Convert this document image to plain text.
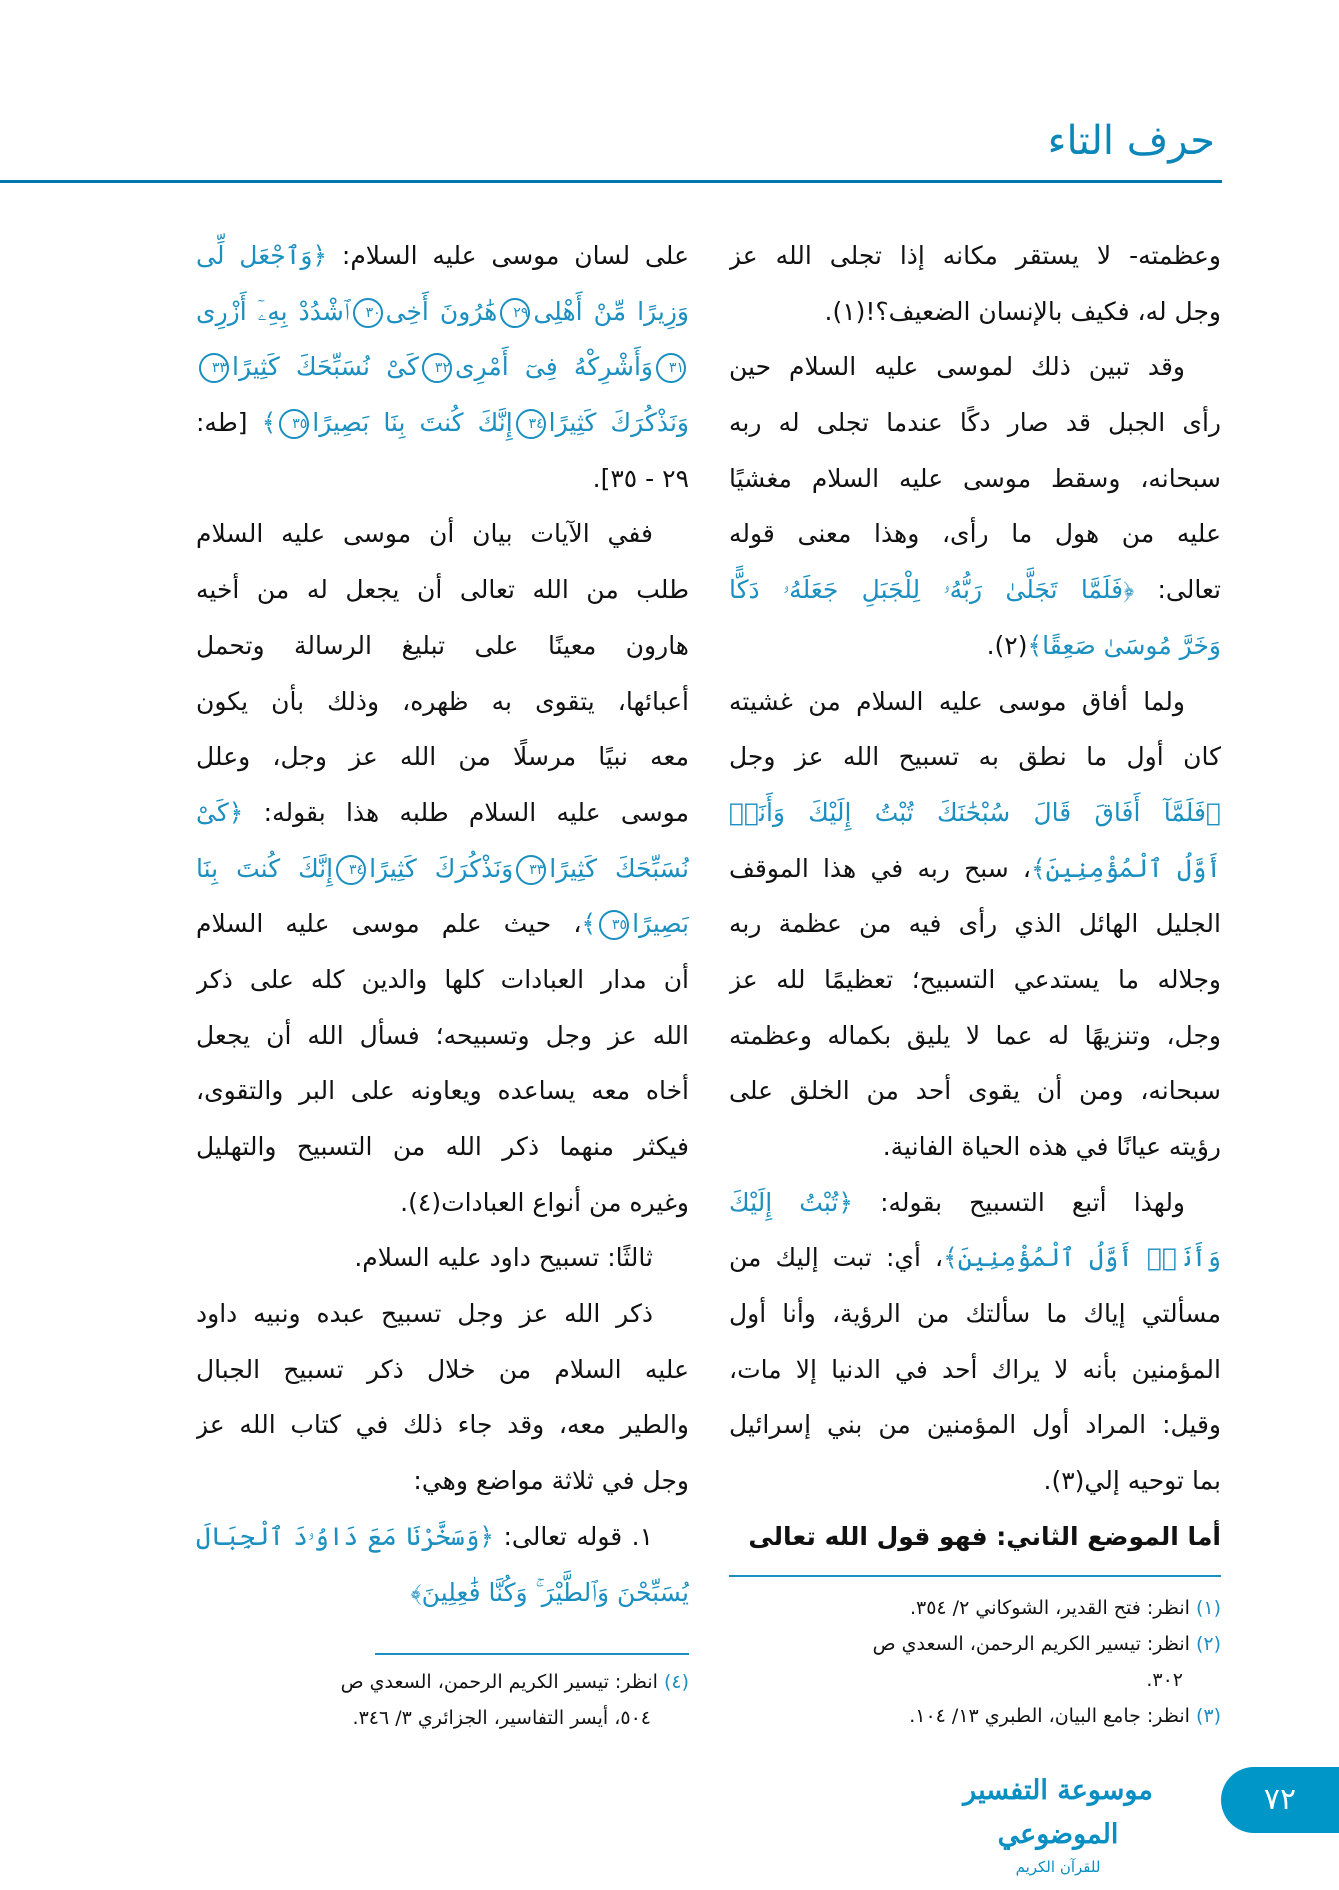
حرف التاء
وعظمته- لا يستقر مكانه إذا تجلى الله عز
وجل له، فكيف بالإنسان الضعيف؟!(١).
وقد تبين ذلك لموسى عليه السلام حين
رأى الجبل قد صار دكًا عندما تجلى له ربه
سبحانه، وسقط موسى عليه السلام مغشيًا
عليه من هول ما رأى، وهذا معنى قوله
تعالى: ﴿فَلَمَّا تَجَلَّىٰ رَبُّهُۥ لِلْجَبَلِ جَعَلَهُۥ دَكًّا
وَخَرَّ مُوسَىٰ صَعِقًا﴾(٢).
ولما أفاق موسى عليه السلام من غشيته
كان أول ما نطق به تسبيح الله عز وجل
﴿فَلَمَّآ أَفَاقَ قَالَ سُبْحَٰنَكَ تُبْتُ إِلَيْكَ وَأَنَا۠
أَوَّلُ ٱلْمُؤْمِنِينَ﴾، سبح ربه في هذا الموقف
الجليل الهائل الذي رأى فيه من عظمة ربه
وجلاله ما يستدعي التسبيح؛ تعظيمًا لله عز
وجل، وتنزيهًا له عما لا يليق بكماله وعظمته
سبحانه، ومن أن يقوى أحد من الخلق على
رؤيته عيانًا في هذه الحياة الفانية.
ولهذا أتبع التسبيح بقوله: ﴿تُبْتُ إِلَيْكَ
وَأَنَا۠ أَوَّلُ ٱلْمُؤْمِنِينَ﴾، أي: تبت إليك من
مسألتي إياك ما سألتك من الرؤية، وأنا أول
المؤمنين بأنه لا يراك أحد في الدنيا إلا مات،
وقيل: المراد أول المؤمنين من بني إسرائيل
بما توحيه إلي(٣).
أما الموضع الثاني: فهو قول الله تعالى
على لسان موسى عليه السلام: ﴿وَٱجْعَل لِّى
وَزِيرًا مِّنْ أَهْلِى٢٩هَٰرُونَ أَخِى٣٠ٱشْدُدْ بِهِۦٓ أَزْرِى
٣١وَأَشْرِكْهُ فِىٓ أَمْرِى٣٢كَىْ نُسَبِّحَكَ كَثِيرًا٣٣
وَنَذْكُرَكَ كَثِيرًا٣٤إِنَّكَ كُنتَ بِنَا بَصِيرًا٣٥﴾ [طه:
٢٩ - ٣٥].
ففي الآيات بيان أن موسى عليه السلام
طلب من الله تعالى أن يجعل له من أخيه
هارون معينًا على تبليغ الرسالة وتحمل
أعبائها، يتقوى به ظهره، وذلك بأن يكون
معه نبيًا مرسلًا من الله عز وجل، وعلل
موسى عليه السلام طلبه هذا بقوله: ﴿كَىْ
نُسَبِّحَكَ كَثِيرًا٣٣وَنَذْكُرَكَ كَثِيرًا٣٤إِنَّكَ كُنتَ بِنَا
بَصِيرًا٣٥﴾، حيث علم موسى عليه السلام
أن مدار العبادات كلها والدين كله على ذكر
الله عز وجل وتسبيحه؛ فسأل الله أن يجعل
أخاه معه يساعده ويعاونه على البر والتقوى،
فيكثر منهما ذكر الله من التسبيح والتهليل
وغيره من أنواع العبادات(٤).
ثالثًا: تسبيح داود عليه السلام.
ذكر الله عز وجل تسبيح عبده ونبيه داود
عليه السلام من خلال ذكر تسبيح الجبال
والطير معه، وقد جاء ذلك في كتاب الله عز
وجل في ثلاثة مواضع وهي:
١. قوله تعالى: ﴿وَسَخَّرْنَا مَعَ دَاوُۥدَ ٱلْجِبَالَ
يُسَبِّحْنَ وَٱلطَّيْرَ ۚ وَكُنَّا فَٰعِلِينَ﴾
(١)انظر: فتح القدير، الشوكاني ٢/ ٣٥٤.
(٢)انظر: تيسير الكريم الرحمن، السعدي ص
٣٠٢.
(٣)انظر: جامع البيان، الطبري ١٣/ ١٠٤.
(٤)انظر: تيسير الكريم الرحمن، السعدي ص
٥٠٤، أيسر التفاسير، الجزائري ٣/ ٣٤٦.
موسوعة التفسير الموضوعي
للقرآن الكريم
٧٢
